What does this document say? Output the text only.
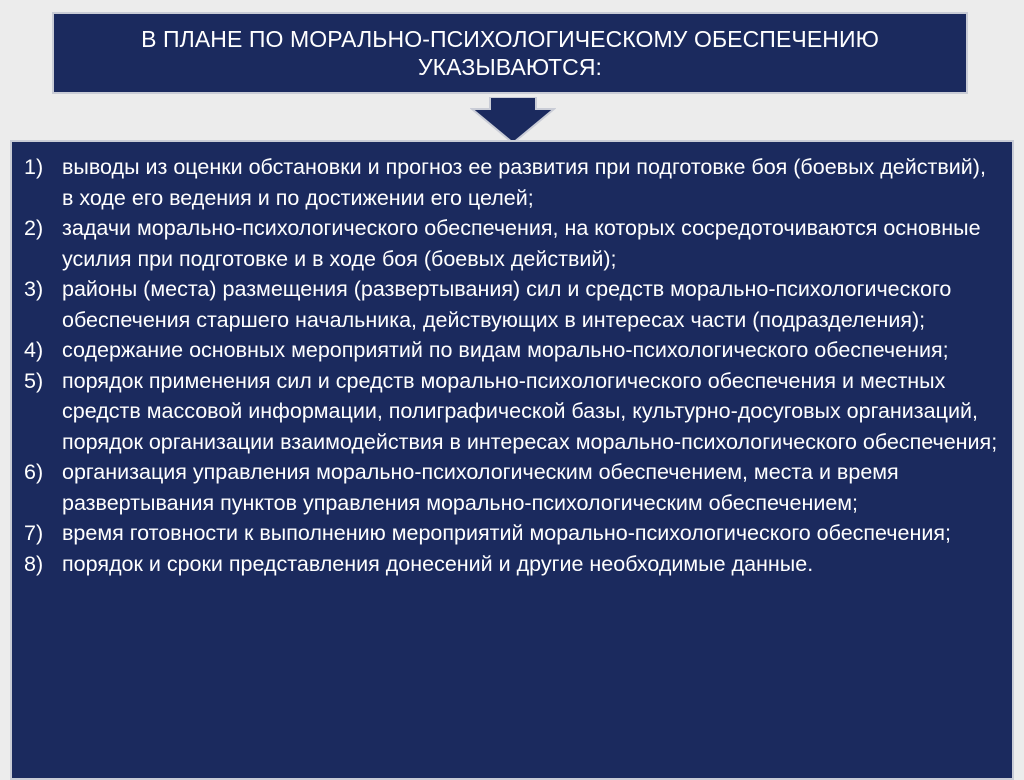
В ПЛАНЕ ПО МОРАЛЬНО-ПСИХОЛОГИЧЕСКОМУ ОБЕСПЕЧЕНИЮ
УКАЗЫВАЮТСЯ:
1) выводы из оценки обстановки и прогноз ее развития при подготовке боя (боевых действий), в ходе его ведения и по достижении его целей;
2) задачи морально-психологического обеспечения, на которых сосредоточиваются основные усилия при подготовке и в ходе боя (боевых действий);
3) районы (места) размещения (развертывания) сил и средств морально-психологического обеспечения старшего начальника, действующих в интересах части (подразделения);
4) содержание основных мероприятий по видам морально-психологического обеспечения;
5) порядок применения сил и средств морально-психологического обеспечения и местных средств массовой информации, полиграфической базы, культурно-досуговых организаций, порядок организации взаимодействия в интересах морально-психологического обеспечения;
6) организация управления морально-психологическим обеспечением, места и время развертывания пунктов управления морально-психологическим обеспечением;
7) время готовности к выполнению мероприятий морально-психологического обеспечения;
8) порядок и сроки представления донесений и другие необходимые данные.
